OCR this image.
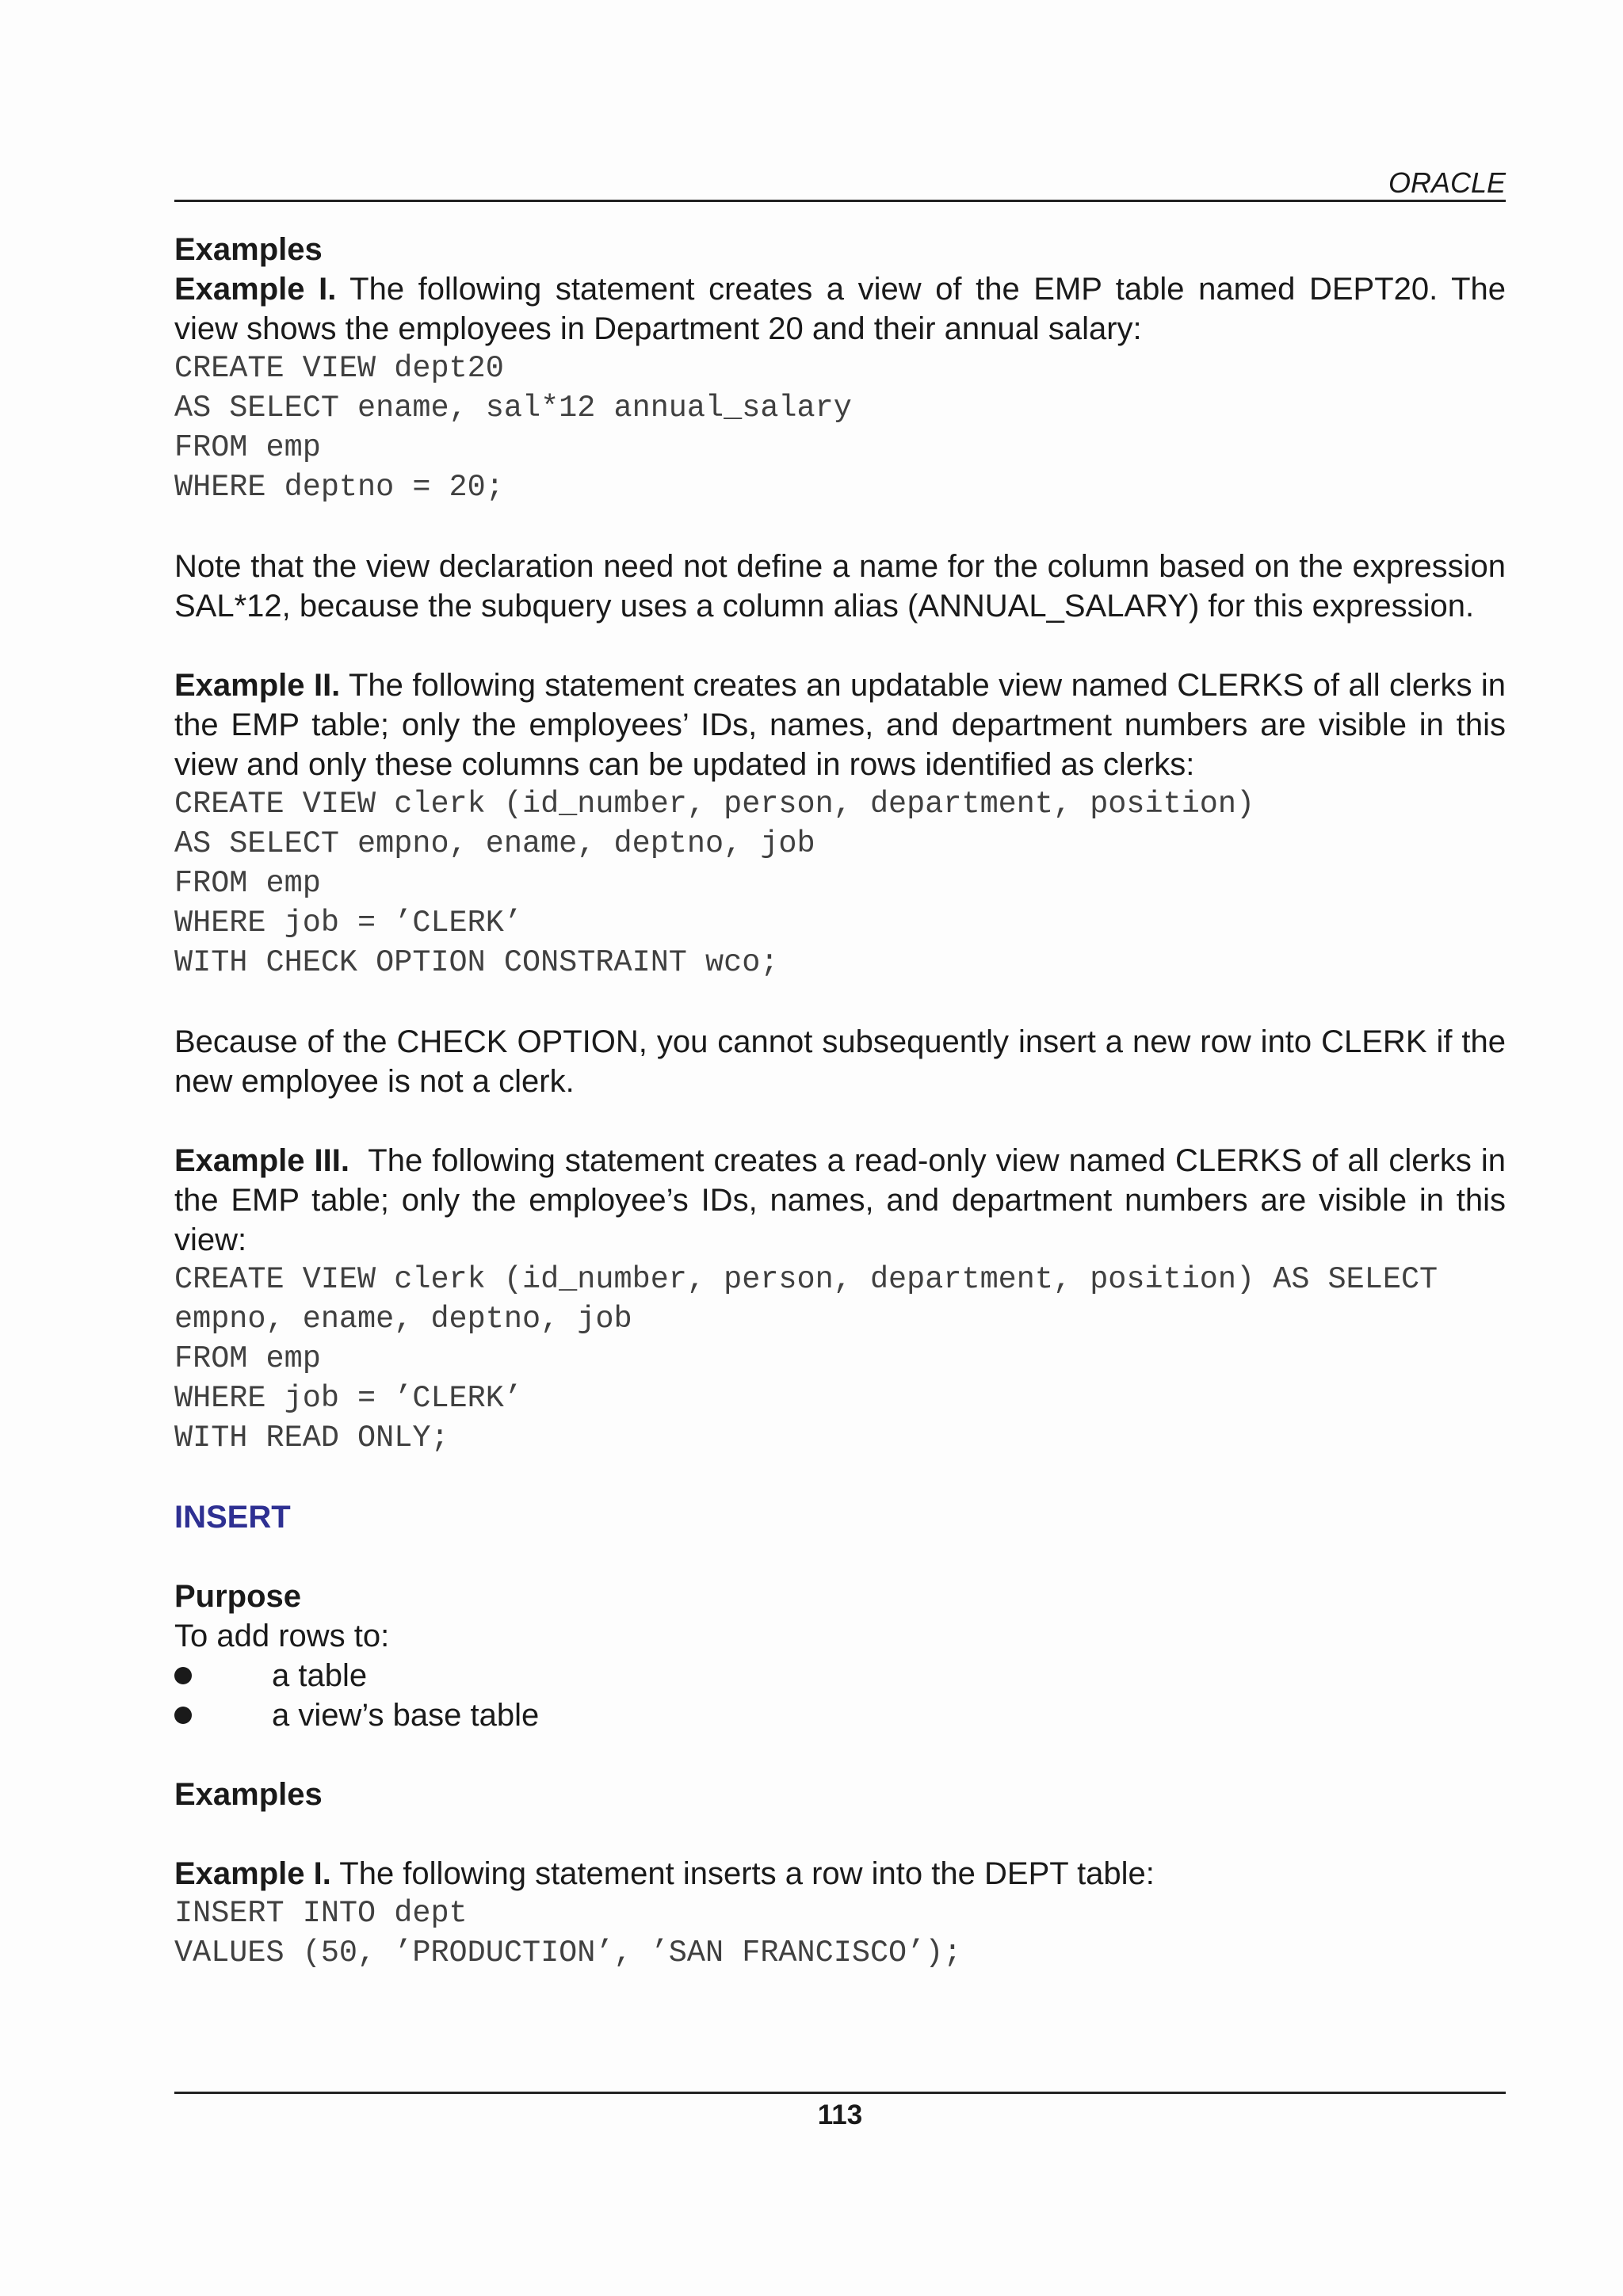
ORACLE

Examples

Example I. The following statement creates a view of the EMP table named DEPT20. The view shows the employees in Department 20 and their annual salary:

CREATE VIEW dept20
AS SELECT ename, sal*12 annual_salary
FROM emp
WHERE deptno = 20;

Note that the view declaration need not define a name for the column based on the expression SAL*12, because the subquery uses a column alias (ANNUAL_SALARY) for this expression.

Example II. The following statement creates an updatable view named CLERKS of all clerks in the EMP table; only the employees’ IDs, names, and department numbers are visible in this view and only these columns can be updated in rows identified as clerks:

CREATE VIEW clerk (id_number, person, department, position)
AS SELECT empno, ename, deptno, job
FROM emp
WHERE job = ’CLERK’
WITH CHECK OPTION CONSTRAINT wco;

Because of the CHECK OPTION, you cannot subsequently insert a new row into CLERK if the new employee is not a clerk.

Example III. The following statement creates a read-only view named CLERKS of all clerks in the EMP table; only the employee’s IDs, names, and department numbers are visible in this view:

CREATE VIEW clerk (id_number, person, department, position) AS SELECT
empno, ename, deptno, job
FROM emp
WHERE job = ’CLERK’
WITH READ ONLY;

INSERT

Purpose

To add rows to:

a table
a view’s base table

Examples

Example I. The following statement inserts a row into the DEPT table:

INSERT INTO dept
VALUES (50, ’PRODUCTION’, ’SAN FRANCISCO’);
113
